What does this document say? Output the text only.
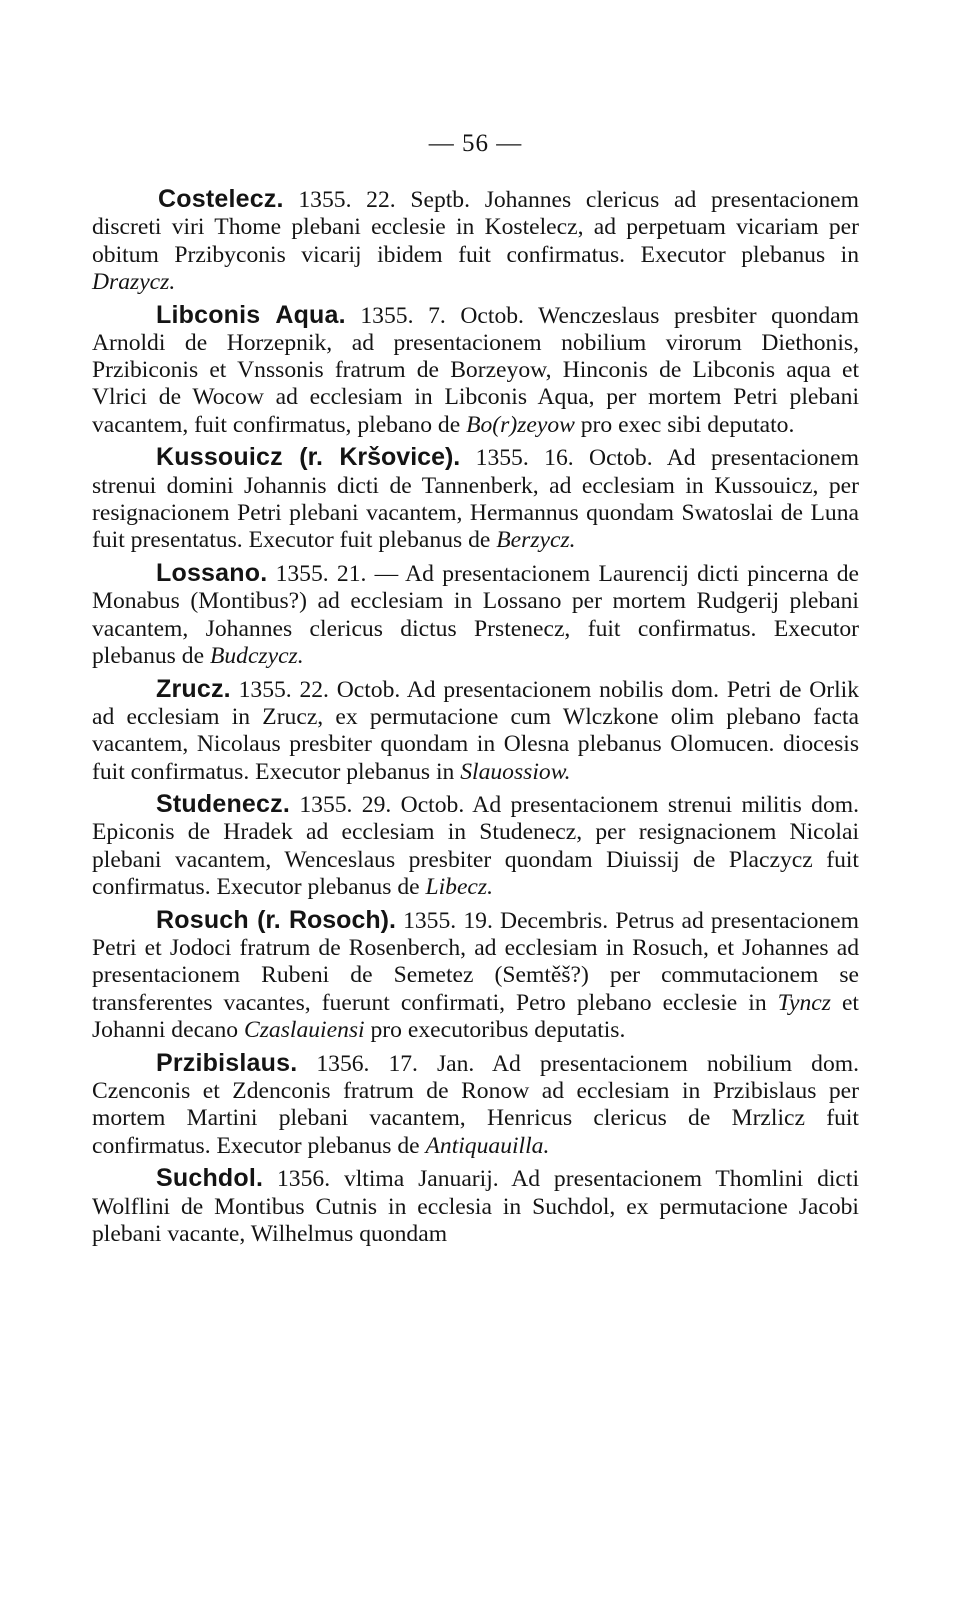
— 56 —

Costelecz. 1355. 22. Septb. Johannes clericus ad presentacionem discreti viri Thome plebani ecclesie in Kostelecz, ad perpetuam vicariam per obitum Przibyconis vicarij ibidem fuit confirmatus. Executor plebanus in Drazycz.

Libconis Aqua. 1355. 7. Octob. Wenczeslaus presbiter quondam Arnoldi de Horzepnik, ad presentacionem nobilium virorum Diethonis, Przibiconis et Vnssonis fratrum de Borzeyow, Hinconis de Libconis aqua et Vlrici de Wocow ad ecclesiam in Libconis Aqua, per mortem Petri plebani vacantem, fuit confirmatus, plebano de Bo(r)zeyow pro exec sibi deputato.

Kussouicz (r. Kršovice). 1355. 16. Octob. Ad presentacionem strenui domini Johannis dicti de Tannenberk, ad ecclesiam in Kussouicz, per resignacionem Petri plebani vacantem, Hermannus quondam Swatoslai de Luna fuit presentatus. Executor fuit plebanus de Berzycz.

Lossano. 1355. 21. — Ad presentacionem Laurencij dicti pincerna de Monabus (Montibus?) ad ecclesiam in Lossano per mortem Rudgerij plebani vacantem, Johannes clericus dictus Prstenecz, fuit confirmatus. Executor plebanus de Budczycz.

Zrucz. 1355. 22. Octob. Ad presentacionem nobilis dom. Petri de Orlik ad ecclesiam in Zrucz, ex permutacione cum Wlczkone olim plebano facta vacantem, Nicolaus presbiter quondam in Olesna plebanus Olomucen. diocesis fuit confirmatus. Executor plebanus in Slauossiow.

Studenecz. 1355. 29. Octob. Ad presentacionem strenui militis dom. Epiconis de Hradek ad ecclesiam in Studenecz, per resignacionem Nicolai plebani vacantem, Wenceslaus presbiter quondam Diuissij de Placzycz fuit confirmatus. Executor plebanus de Libecz.

Rosuch (r. Rosoch). 1355. 19. Decembris. Petrus ad presentacionem Petri et Jodoci fratrum de Rosenberch, ad ecclesiam in Rosuch, et Johannes ad presentacionem Rubeni de Semetez (Semtěš?) per commutacionem se transferentes vacantes, fuerunt confirmati, Petro plebano ecclesie in Tyncz et Johanni decano Czaslauiensi pro executoribus deputatis.

Przibislaus. 1356. 17. Jan. Ad presentacionem nobilium dom. Czenconis et Zdenconis fratrum de Ronow ad ecclesiam in Przibislaus per mortem Martini plebani vacantem, Henricus clericus de Mrzlicz fuit confirmatus. Executor plebanus de Antiquauilla.

Suchdol. 1356. vltima Januarij. Ad presentacionem Thomlini dicti Wolflini de Montibus Cutnis in ecclesia in Suchdol, ex permutacione Jacobi plebani vacante, Wilhelmus quondam
